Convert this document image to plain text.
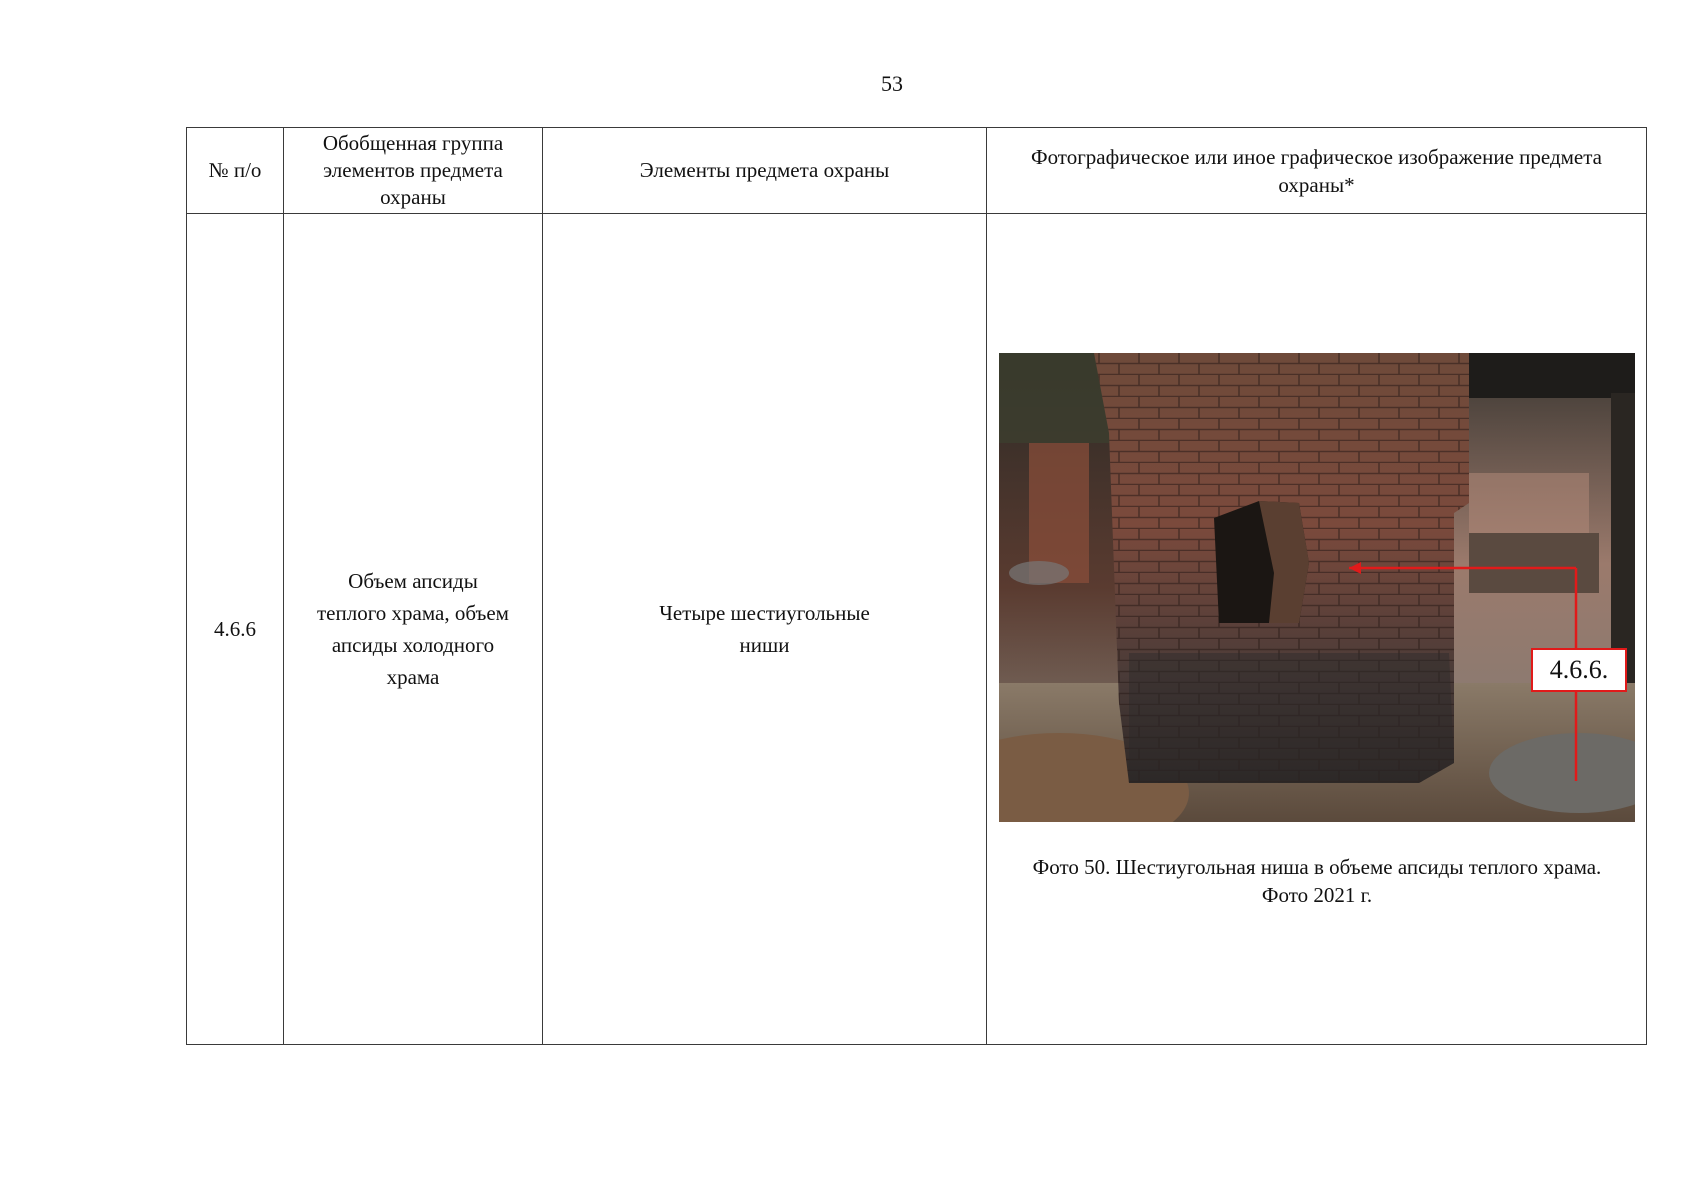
53
№ п/о	Обобщенная группа элементов предмета охраны	Элементы предмета охраны	Фотографическое или иное графическое изображение предмета охраны*
4.6.6	Объем апсиды теплого храма, объем апсиды холодного храма	Четыре шестиугольные ниши	4.6.6.
Фото 50. Шестиугольная ниша в объеме апсиды теплого храма.
Фото 2021 г.
